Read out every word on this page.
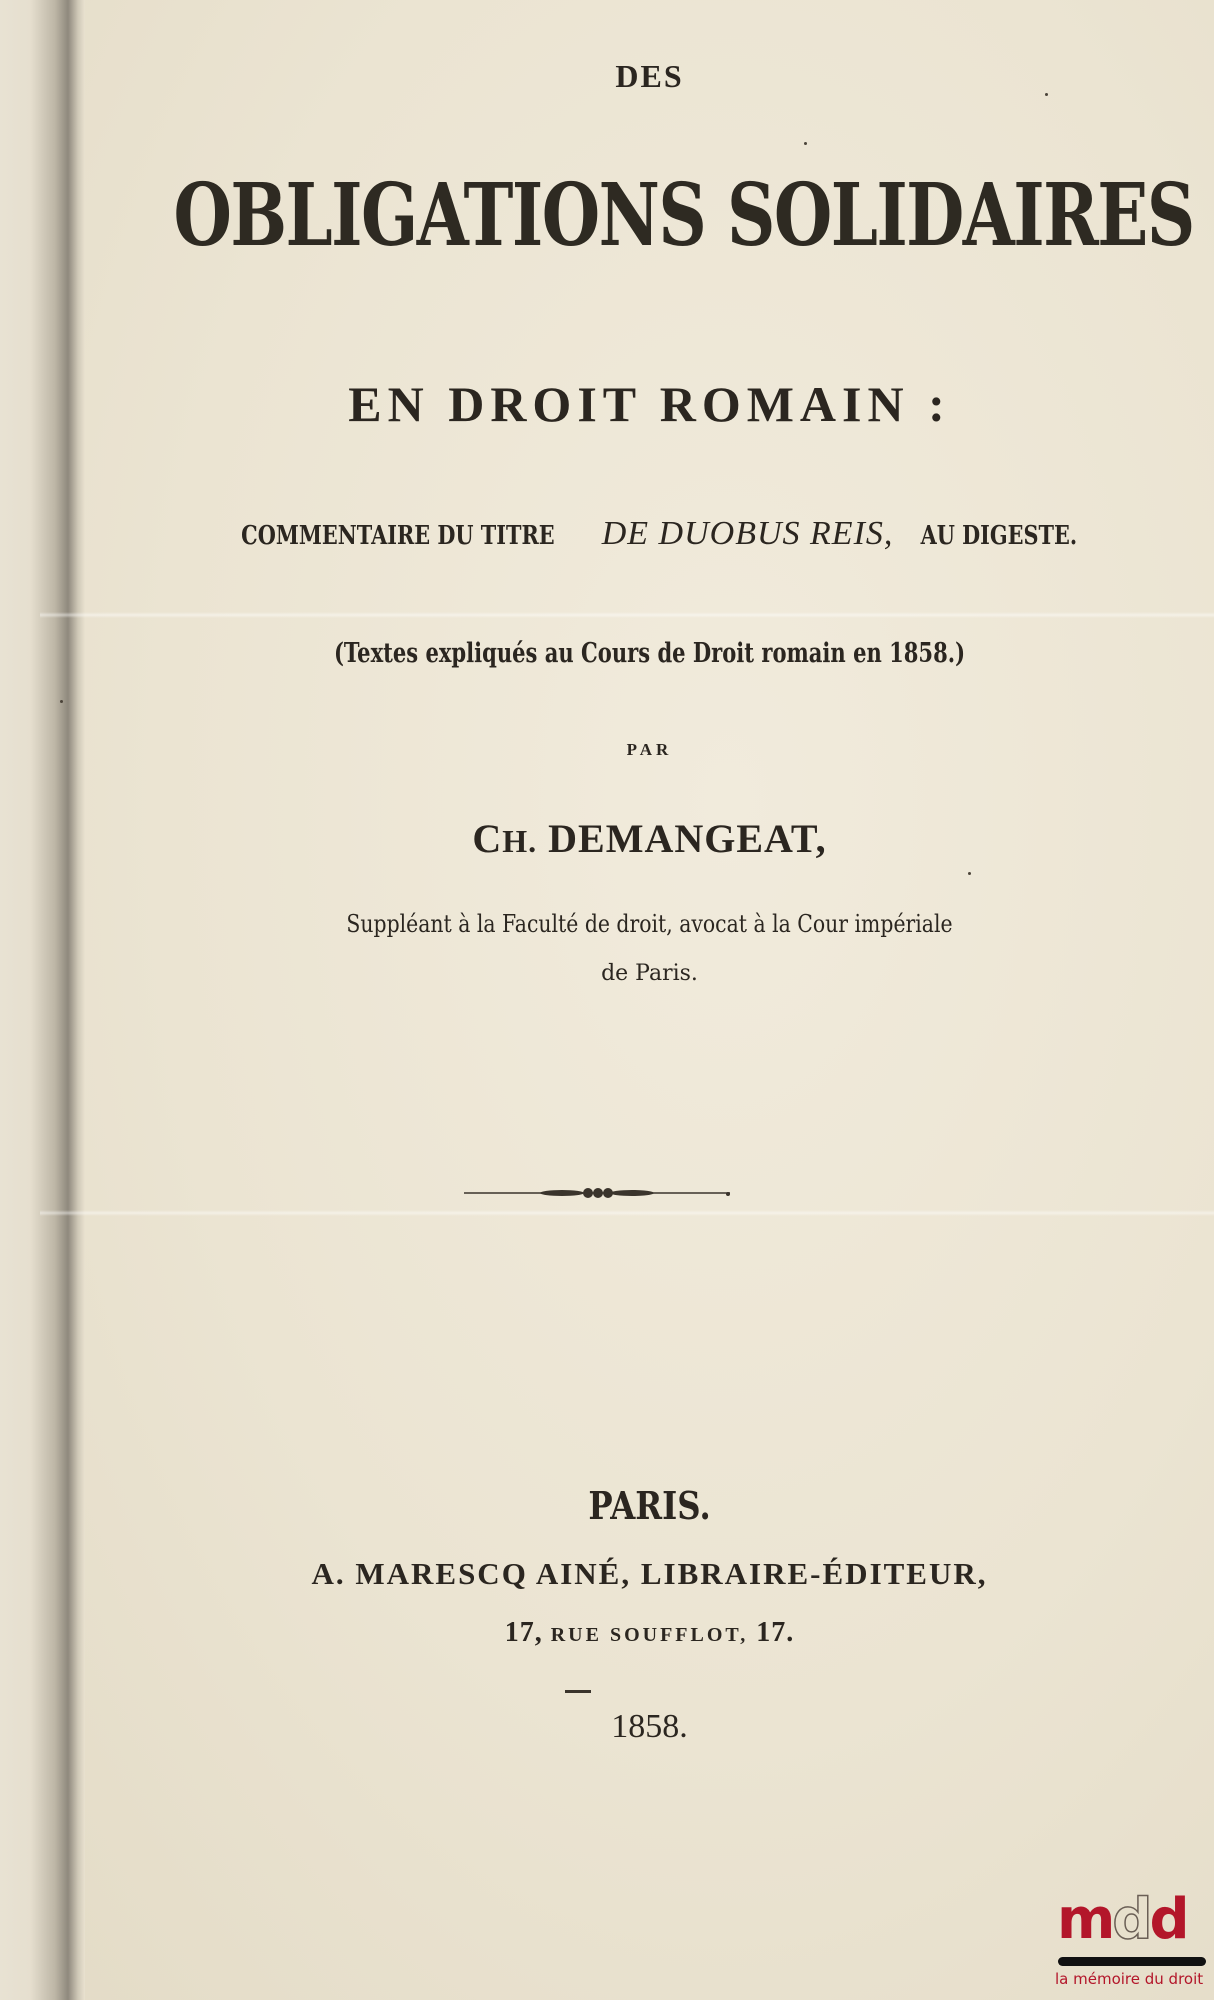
DES
OBLIGATIONS SOLIDAIRES
EN DROIT ROMAIN :
COMMENTAIRE DU TITRE DE DUOBUS REIS, AU DIGESTE.
(Textes expliqués au Cours de Droit romain en 1858.)
PAR
CH. DEMANGEAT,
Suppléant à la Faculté de droit, avocat à la Cour impériale
de Paris.
PARIS.
A. MARESCQ AINÉ, LIBRAIRE-ÉDITEUR,
17, RUE SOUFFLOT, 17.
1858.
mdd
la mémoire du droit
